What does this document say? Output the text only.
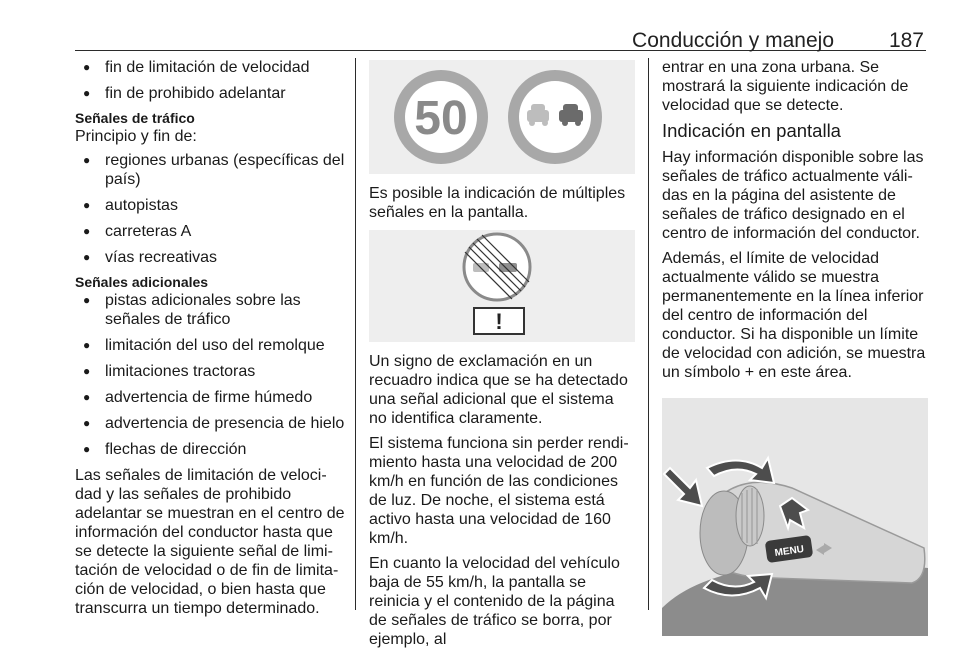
Conducción y manejo	187
● fin de limitación de velocidad
● fin de prohibido adelantar
Señales de tráfico

Principio y fin de:

● regiones urbanas (específicas del país)
● autopistas
● carreteras A
● vías recreativas
Señales adicionales
● pistas adicionales sobre las señales de tráfico
● limitación del uso del remolque
● limitaciones tractoras
● advertencia de firme húmedo
● advertencia de presencia de hielo
● flechas de dirección

Las señales de limitación de velocidad y las señales de prohibido adelantar se muestran en el centro de información del conductor hasta que se detecte la siguiente señal de limitación de velocidad o de fin de limitación de velocidad, o bien hasta que transcurra un tiempo determinado.

50

Es posible la indicación de múltiples señales en la pantalla.

!

Un signo de exclamación en un recuadro indica que se ha detectado una señal adicional que el sistema no identifica claramente.

El sistema funciona sin perder rendimiento hasta una velocidad de 200 km/h en función de las condiciones de luz. De noche, el sistema está activo hasta una velocidad de 160 km/h.

En cuanto la velocidad del vehículo baja de 55 km/h, la pantalla se reinicia y el contenido de la página de señales de tráfico se borra, por ejemplo, al

entrar en una zona urbana. Se mostrará la siguiente indicación de velocidad que se detecte.

Indicación en pantalla

Hay información disponible sobre las señales de tráfico actualmente válidas en la página del asistente de señales de tráfico designado en el centro de información del conductor.

Además, el límite de velocidad actualmente válido se muestra permanentemente en la línea inferior del centro de información del conductor. Si ha disponible un límite de velocidad con adición, se muestra un símbolo + en este área.

MENU
